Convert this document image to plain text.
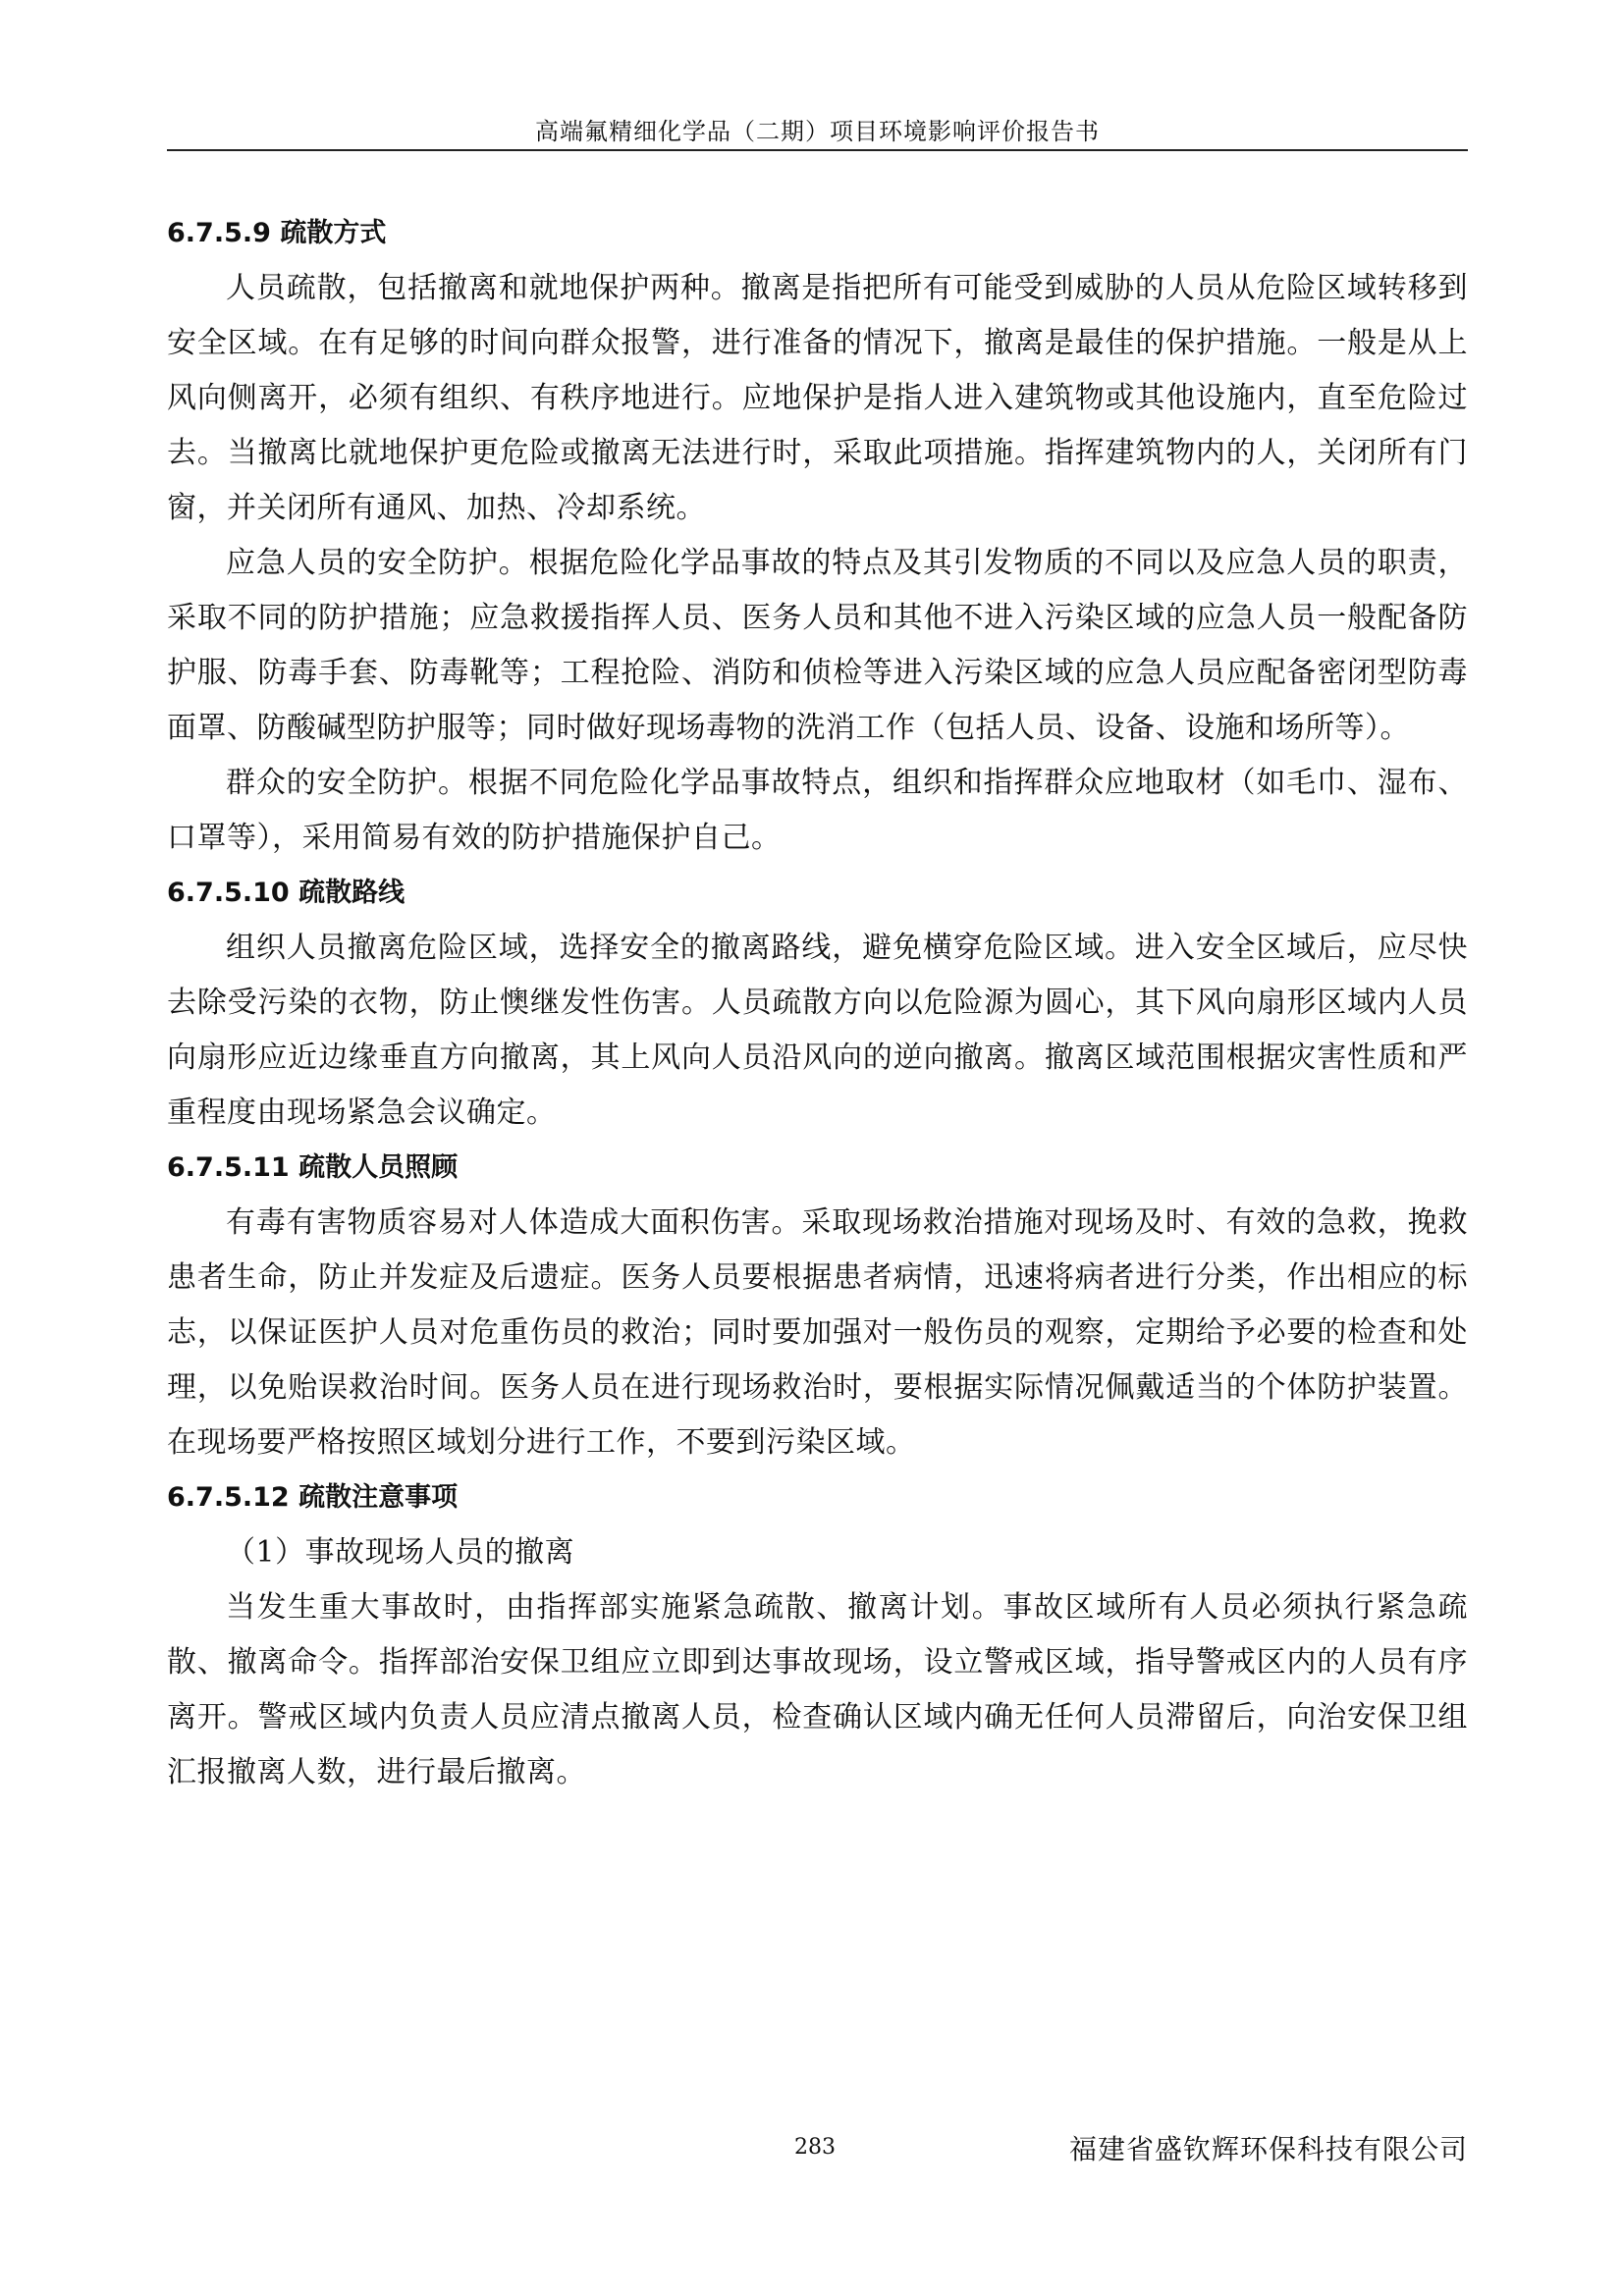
高端氟精细化学品（二期）项目环境影响评价报告书

6.7.5.9 疏散方式

人员疏散，包括撤离和就地保护两种。撤离是指把所有可能受到威胁的人员从危险区域转移到安全区域。在有足够的时间向群众报警，进行准备的情况下，撤离是最佳的保护措施。一般是从上风向侧离开，必须有组织、有秩序地进行。应地保护是指人进入建筑物或其他设施内，直至危险过去。当撤离比就地保护更危险或撤离无法进行时，采取此项措施。指挥建筑物内的人，关闭所有门窗，并关闭所有通风、加热、冷却系统。

应急人员的安全防护。根据危险化学品事故的特点及其引发物质的不同以及应急人员的职责，采取不同的防护措施；应急救援指挥人员、医务人员和其他不进入污染区域的应急人员一般配备防护服、防毒手套、防毒靴等；工程抢险、消防和侦检等进入污染区域的应急人员应配备密闭型防毒面罩、防酸碱型防护服等；同时做好现场毒物的洗消工作（包括人员、设备、设施和场所等）。

群众的安全防护。根据不同危险化学品事故特点，组织和指挥群众应地取材（如毛巾、湿布、口罩等），采用简易有效的防护措施保护自己。

6.7.5.10 疏散路线

组织人员撤离危险区域，选择安全的撤离路线，避免横穿危险区域。进入安全区域后，应尽快去除受污染的衣物，防止懊继发性伤害。人员疏散方向以危险源为圆心，其下风向扇形区域内人员向扇形应近边缘垂直方向撤离，其上风向人员沿风向的逆向撤离。撤离区域范围根据灾害性质和严重程度由现场紧急会议确定。

6.7.5.11 疏散人员照顾

有毒有害物质容易对人体造成大面积伤害。采取现场救治措施对现场及时、有效的急救，挽救患者生命，防止并发症及后遗症。医务人员要根据患者病情，迅速将病者进行分类，作出相应的标志，以保证医护人员对危重伤员的救治；同时要加强对一般伤员的观察，定期给予必要的检查和处理，以免贻误救治时间。医务人员在进行现场救治时，要根据实际情况佩戴适当的个体防护装置。在现场要严格按照区域划分进行工作，不要到污染区域。

6.7.5.12 疏散注意事项

（1）事故现场人员的撤离

当发生重大事故时，由指挥部实施紧急疏散、撤离计划。事故区域所有人员必须执行紧急疏散、撤离命令。指挥部治安保卫组应立即到达事故现场，设立警戒区域，指导警戒区内的人员有序离开。警戒区域内负责人员应清点撤离人员，检查确认区域内确无任何人员滞留后，向治安保卫组汇报撤离人数，进行最后撤离。

283	福建省盛钦辉环保科技有限公司
